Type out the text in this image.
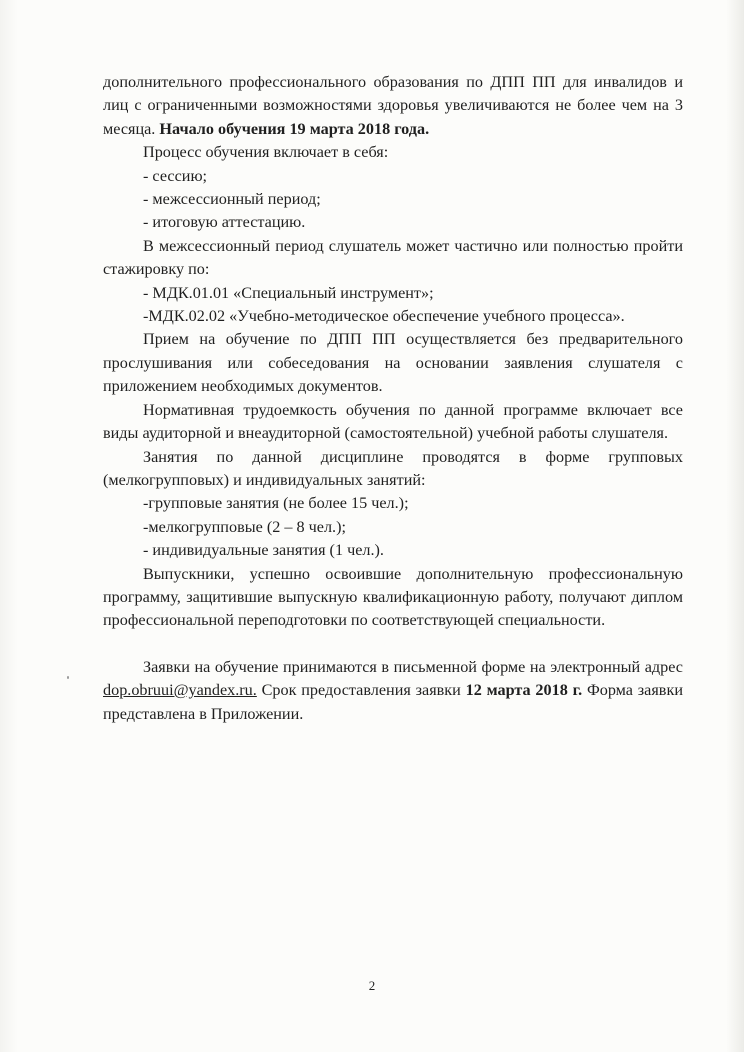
дополнительного профессионального образования по ДПП ПП для инвалидов и лиц с ограниченными возможностями здоровья увеличиваются не более чем на 3 месяца. Начало обучения 19 марта 2018 года.

Процесс обучения включает в себя:

- сессию;

- межсессионный период;

- итоговую аттестацию.

В межсессионный период слушатель может частично или полностью пройти стажировку по:

- МДК.01.01 «Специальный инструмент»;

-МДК.02.02 «Учебно-методическое обеспечение учебного процесса».

Прием на обучение по ДПП ПП осуществляется без предварительного прослушивания или собеседования на основании заявления слушателя с приложением необходимых документов.

Нормативная трудоемкость обучения по данной программе включает все виды аудиторной и внеаудиторной (самостоятельной) учебной работы слушателя.

Занятия по данной дисциплине проводятся в форме групповых (мелкогрупповых) и индивидуальных занятий:

-групповые занятия (не более 15 чел.);

-мелкогрупповые (2 – 8 чел.);

- индивидуальные занятия (1 чел.).

Выпускники, успешно освоившие дополнительную профессиональную программу, защитившие выпускную квалификационную работу, получают диплом профессиональной переподготовки по соответствующей специальности.

Заявки на обучение принимаются в письменной форме на электронный адрес dop.obruui@yandex.ru. Срок предоставления заявки 12 марта 2018 г. Форма заявки представлена в Приложении.

2
